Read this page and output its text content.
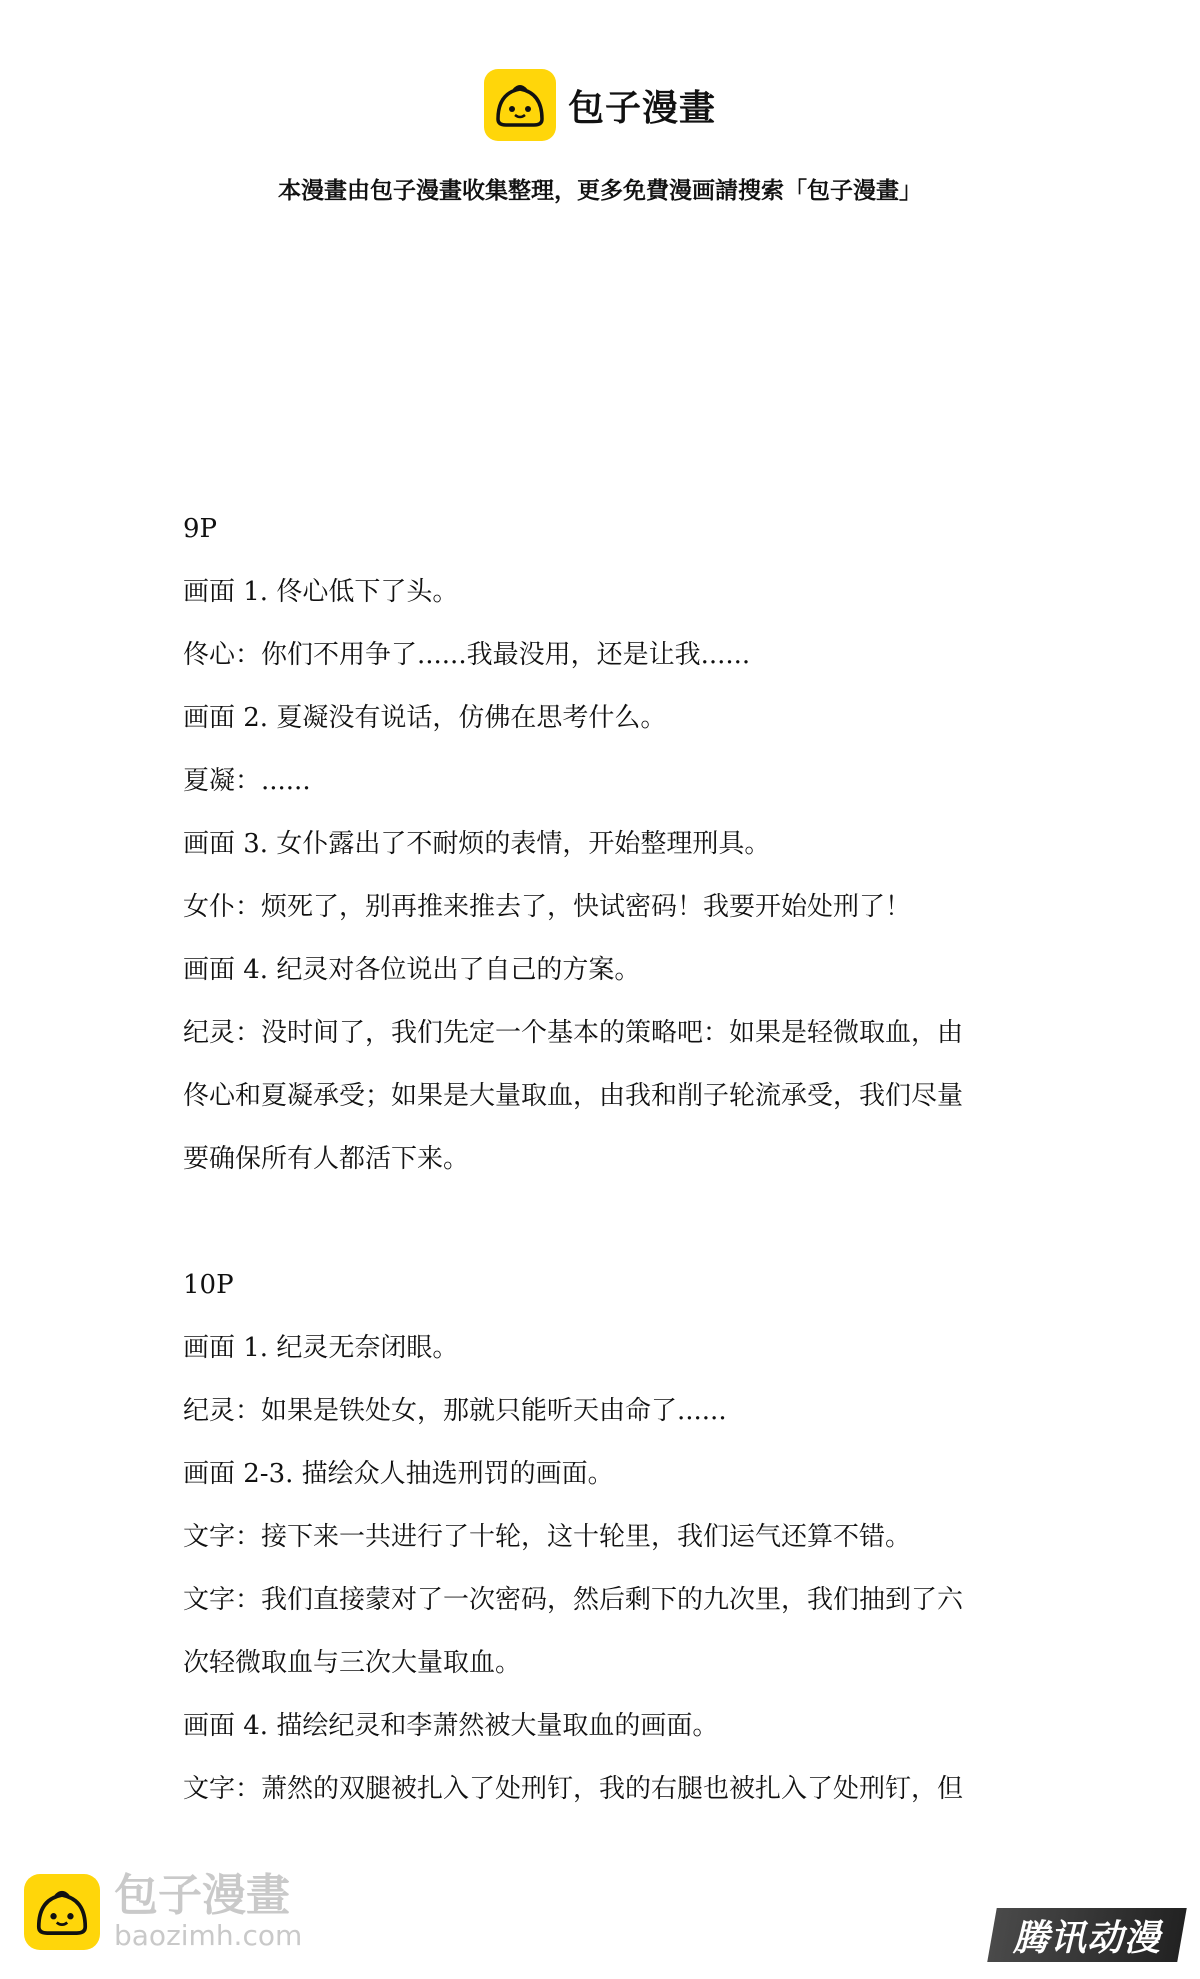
包子漫畫
本漫畫由包子漫畫收集整理，更多免費漫画請搜索「包子漫畫」

9P

画面 1. 佟心低下了头。

佟心：你们不用争了......我最没用，还是让我......

画面 2. 夏凝没有说话，仿佛在思考什么。

夏凝：......

画面 3. 女仆露出了不耐烦的表情，开始整理刑具。

女仆：烦死了，别再推来推去了，快试密码！我要开始处刑了！

画面 4. 纪灵对各位说出了自己的方案。

纪灵：没时间了，我们先定一个基本的策略吧：如果是轻微取血，由

佟心和夏凝承受；如果是大量取血，由我和削子轮流承受，我们尽量

要确保所有人都活下来。

10P

画面 1. 纪灵无奈闭眼。

纪灵：如果是铁处女，那就只能听天由命了......

画面 2-3. 描绘众人抽选刑罚的画面。

文字：接下来一共进行了十轮，这十轮里，我们运气还算不错。

文字：我们直接蒙对了一次密码，然后剩下的九次里，我们抽到了六

次轻微取血与三次大量取血。

画面 4. 描绘纪灵和李萧然被大量取血的画面。

文字：萧然的双腿被扎入了处刑钉，我的右腿也被扎入了处刑钉，但

包子漫畫
baozimh.com	腾讯动漫
